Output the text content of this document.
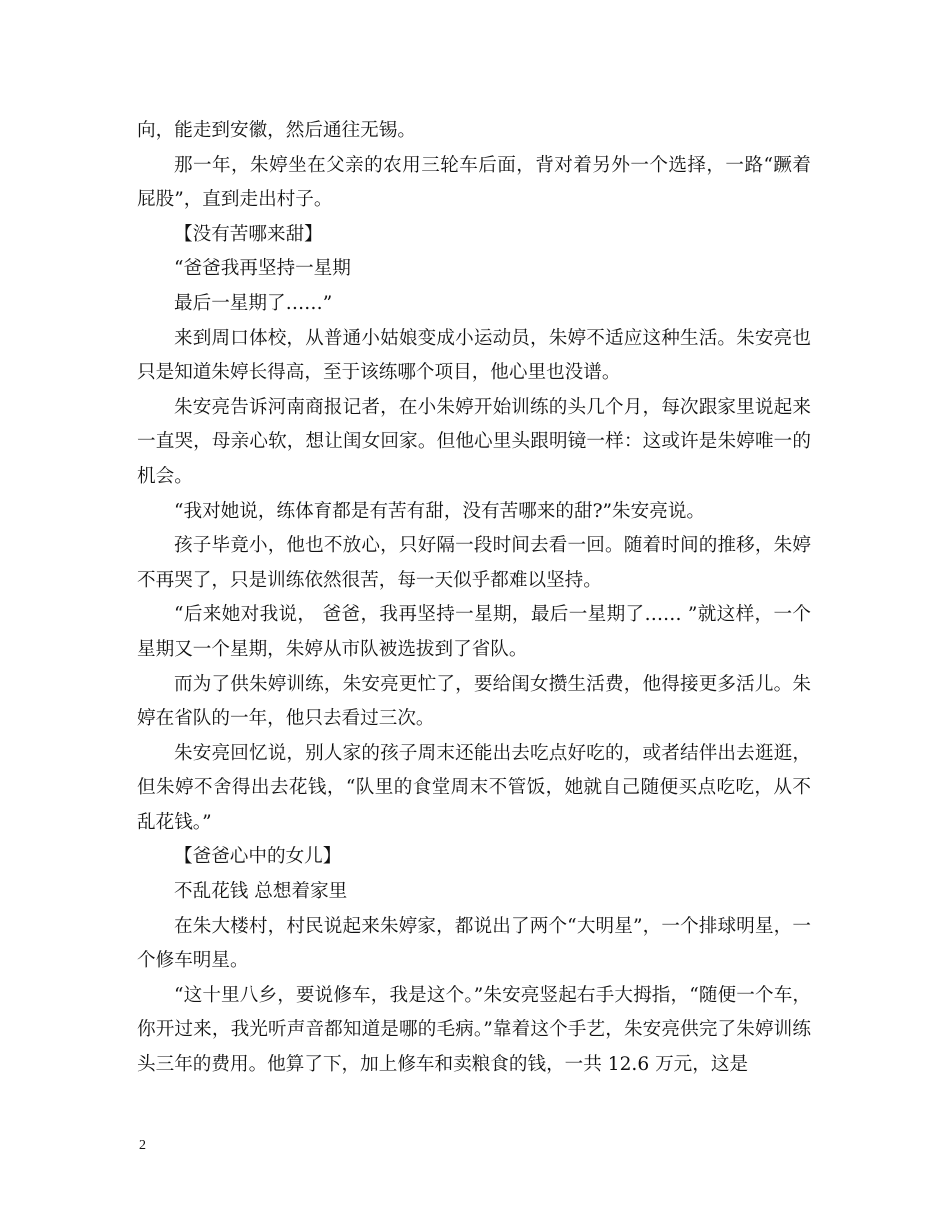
向，能走到安徽，然后通往无锡。

那一年，朱婷坐在父亲的农用三轮车后面，背对着另外一个选择，一路“蹶着屁股”，直到走出村子。

【没有苦哪来甜】

“爸爸我再坚持一星期

最后一星期了……”

来到周口体校，从普通小姑娘变成小运动员，朱婷不适应这种生活。朱安亮也只是知道朱婷长得高，至于该练哪个项目，他心里也没谱。

朱安亮告诉河南商报记者，在小朱婷开始训练的头几个月，每次跟家里说起来一直哭，母亲心软，想让闺女回家。但他心里头跟明镜一样：这或许是朱婷唯一的机会。

“我对她说，练体育都是有苦有甜，没有苦哪来的甜?”朱安亮说。

孩子毕竟小，他也不放心，只好隔一段时间去看一回。随着时间的推移，朱婷不再哭了，只是训练依然很苦，每一天似乎都难以坚持。

“后来她对我说， 爸爸，我再坚持一星期，最后一星期了…… ”就这样，一个星期又一个星期，朱婷从市队被选拔到了省队。

而为了供朱婷训练，朱安亮更忙了，要给闺女攒生活费，他得接更多活儿。朱婷在省队的一年，他只去看过三次。

朱安亮回忆说，别人家的孩子周末还能出去吃点好吃的，或者结伴出去逛逛，但朱婷不舍得出去花钱，“队里的食堂周末不管饭，她就自己随便买点吃吃，从不乱花钱。”

【爸爸心中的女儿】

不乱花钱 总想着家里

在朱大楼村，村民说起来朱婷家，都说出了两个“大明星”，一个排球明星，一个修车明星。

“这十里八乡，要说修车，我是这个。”朱安亮竖起右手大拇指，“随便一个车，你开过来，我光听声音都知道是哪的毛病。”靠着这个手艺，朱安亮供完了朱婷训练头三年的费用。他算了下，加上修车和卖粮食的钱，一共 12.6 万元，这是

2
